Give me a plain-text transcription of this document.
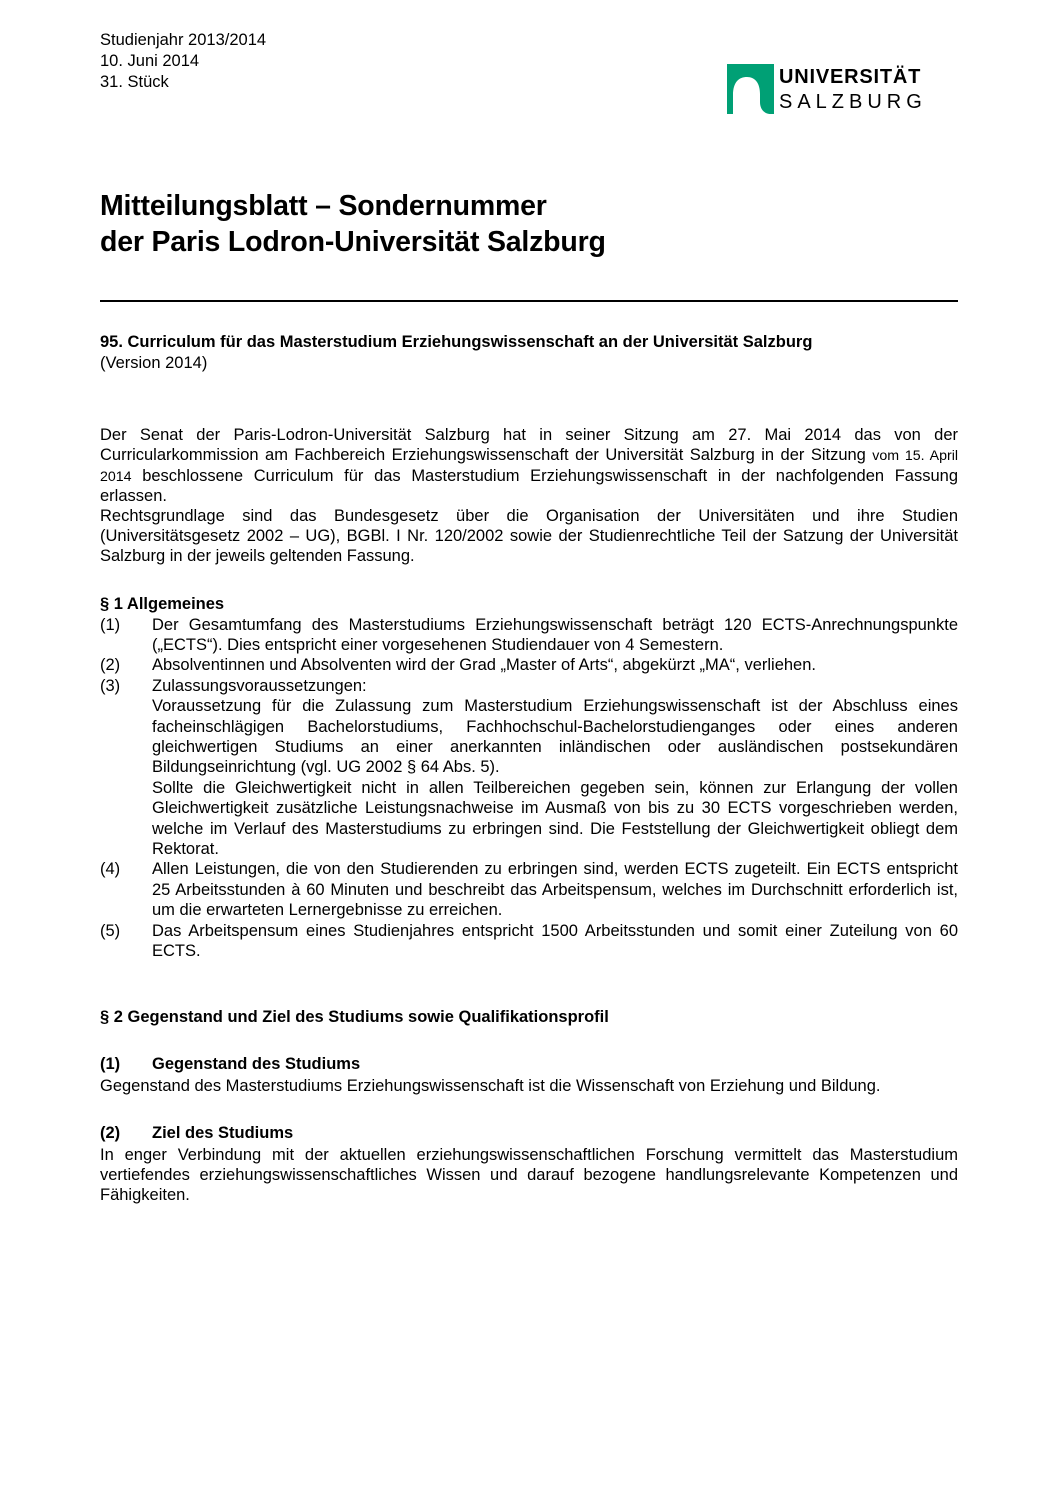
Studienjahr 2013/2014
10. Juni 2014
31. Stück	UNIVERSITÄT
SALZBURG
Mitteilungsblatt – Sondernummer
der Paris Lodron-Universität Salzburg
95. Curriculum für das Masterstudium Erziehungswissenschaft an der Universität Salzburg
(Version 2014)
Der Senat der Paris-Lodron-Universität Salzburg hat in seiner Sitzung am 27. Mai 2014 das von der Curricularkommission am Fachbereich Erziehungswissenschaft der Universität Salzburg in der Sitzung vom 15. April 2014 beschlossene Curriculum für das Masterstudium Erziehungswissenschaft in der nachfolgenden Fassung erlassen.
Rechtsgrundlage sind das Bundesgesetz über die Organisation der Universitäten und ihre Studien (Universitätsgesetz 2002 – UG), BGBl. I Nr. 120/2002 sowie der Studienrechtliche Teil der Satzung der Universität Salzburg in der jeweils geltenden Fassung.
§ 1 Allgemeines
(1) Der Gesamtumfang des Masterstudiums Erziehungswissenschaft beträgt 120 ECTS-Anrechnungspunkte („ECTS“). Dies entspricht einer vorgesehenen Studiendauer von 4 Semestern.
(2) Absolventinnen und Absolventen wird der Grad „Master of Arts“, abgekürzt „MA“, verliehen.
(3) Zulassungsvoraussetzungen:
Voraussetzung für die Zulassung zum Masterstudium Erziehungswissenschaft ist der Abschluss eines facheinschlägigen Bachelorstudiums, Fachhochschul-Bachelorstudienganges oder eines anderen gleichwertigen Studiums an einer anerkannten inländischen oder ausländischen postsekundären Bildungseinrichtung (vgl. UG 2002 § 64 Abs. 5).
Sollte die Gleichwertigkeit nicht in allen Teilbereichen gegeben sein, können zur Erlangung der vollen Gleichwertigkeit zusätzliche Leistungsnachweise im Ausmaß von bis zu 30 ECTS vorgeschrieben werden, welche im Verlauf des Masterstudiums zu erbringen sind. Die Feststellung der Gleichwertigkeit obliegt dem Rektorat.
(4) Allen Leistungen, die von den Studierenden zu erbringen sind, werden ECTS zugeteilt. Ein ECTS entspricht 25 Arbeitsstunden à 60 Minuten und beschreibt das Arbeitspensum, welches im Durchschnitt erforderlich ist, um die erwarteten Lernergebnisse zu erreichen.
(5) Das Arbeitspensum eines Studienjahres entspricht 1500 Arbeitsstunden und somit einer Zuteilung von 60 ECTS.
§ 2 Gegenstand und Ziel des Studiums sowie Qualifikationsprofil
(1) Gegenstand des Studiums
Gegenstand des Masterstudiums Erziehungswissenschaft ist die Wissenschaft von Erziehung und Bildung.
(2) Ziel des Studiums
In enger Verbindung mit der aktuellen erziehungswissenschaftlichen Forschung vermittelt das Masterstudium vertiefendes erziehungswissenschaftliches Wissen und darauf bezogene handlungsrelevante Kompetenzen und Fähigkeiten.
